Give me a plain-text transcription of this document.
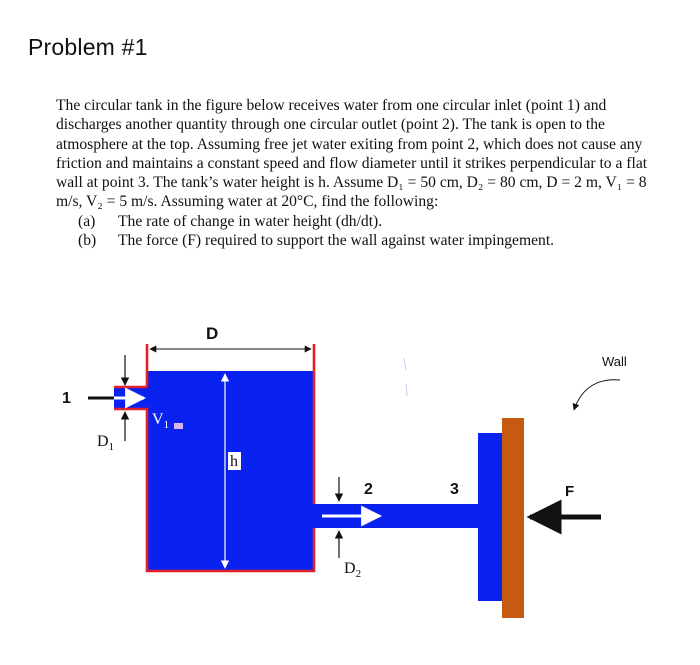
Problem #1

The circular tank in the figure below receives water from one circular inlet (point 1) and discharges another quantity through one circular outlet (point 2). The tank is open to the atmosphere at the top. Assuming free jet water exiting from point 2, which does not cause any friction and maintains a constant speed and flow diameter until it strikes perpendicular to a flat wall at point 3. The tank’s water height is h. Assume D₁ = 50 cm, D₂ = 80 cm, D = 2 m, V₁ = 8 m/s, V₂ = 5 m/s. Assuming water at 20°C, find the following:

(a)	The rate of change in water height (dh/dt).
(b)	The force (F) required to support the wall against water impingement.
D
h
1
$D_1$
$V_1$
2
$D_2$
3
Wall
F
